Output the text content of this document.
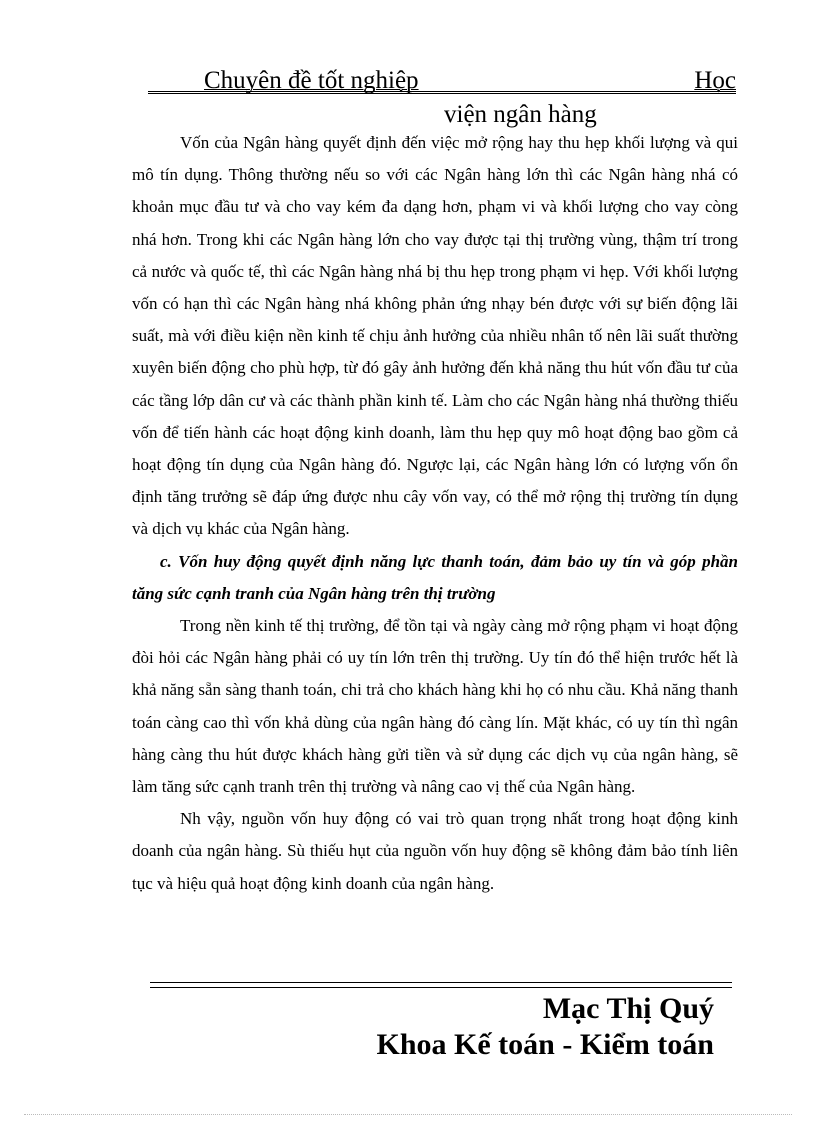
Chuyên đề tốt nghiệp	Học
viện ngân hàng

Vốn của Ngân hàng quyết định đến việc mở rộng hay thu hẹp khối lượng và qui mô tín dụng. Thông thường nếu so với các Ngân hàng lớn thì các Ngân hàng nhá có khoản mục đầu tư và cho vay kém đa dạng hơn, phạm vi và khối lượng cho vay còng nhá hơn. Trong khi các Ngân hàng lớn cho vay được tại thị trường vùng, thậm trí trong cả nước và quốc tế, thì các Ngân hàng nhá bị thu hẹp trong phạm vi hẹp. Với khối lượng vốn có hạn thì các Ngân hàng nhá không phản ứng nhạy bén được với sự biến động lãi suất, mà với điều kiện nền kinh tế chịu ảnh hưởng của nhiều nhân tố nên lãi suất thường xuyên biến động cho phù hợp, từ đó gây ảnh hưởng đến khả năng thu hút vốn đầu tư của các tầng lớp dân cư và các thành phần kinh tế. Làm cho các Ngân hàng nhá thường thiếu vốn để tiến hành các hoạt động kinh doanh, làm thu hẹp quy mô hoạt động bao gồm cả hoạt động tín dụng của Ngân hàng đó. Ngược lại, các Ngân hàng lớn có lượng vốn ổn định tăng trưởng sẽ đáp ứng được nhu cây vốn vay, có thể mở rộng thị trường tín dụng và dịch vụ khác của Ngân hàng.

c. Vốn huy động quyết định năng lực thanh toán, đảm bảo uy tín và góp phần tăng sức cạnh tranh của Ngân hàng trên thị trường

Trong nền kinh tế thị trường, để tồn tại và ngày càng mở rộng phạm vi hoạt động đòi hỏi các Ngân hàng phải có uy tín lớn trên thị trường. Uy tín đó thể hiện trước hết là khả năng sẵn sàng thanh toán, chi trả cho khách hàng khi họ có nhu cầu. Khả năng thanh toán càng cao thì vốn khả dùng của ngân hàng đó càng lín. Mặt khác, có uy tín thì ngân hàng càng thu hút được khách hàng gửi tiền và sử dụng các dịch vụ của ngân hàng, sẽ làm tăng sức cạnh tranh trên thị trường và nâng cao vị thế của Ngân hàng.

Nh vậy, nguồn vốn huy động có vai trò quan trọng nhất trong hoạt động kinh doanh của ngân hàng. Sù thiếu hụt của nguồn vốn huy động sẽ không đảm bảo tính liên tục và hiệu quả hoạt động kinh doanh của ngân hàng.

Mạc Thị Quý
Khoa Kế toán - Kiểm toán
